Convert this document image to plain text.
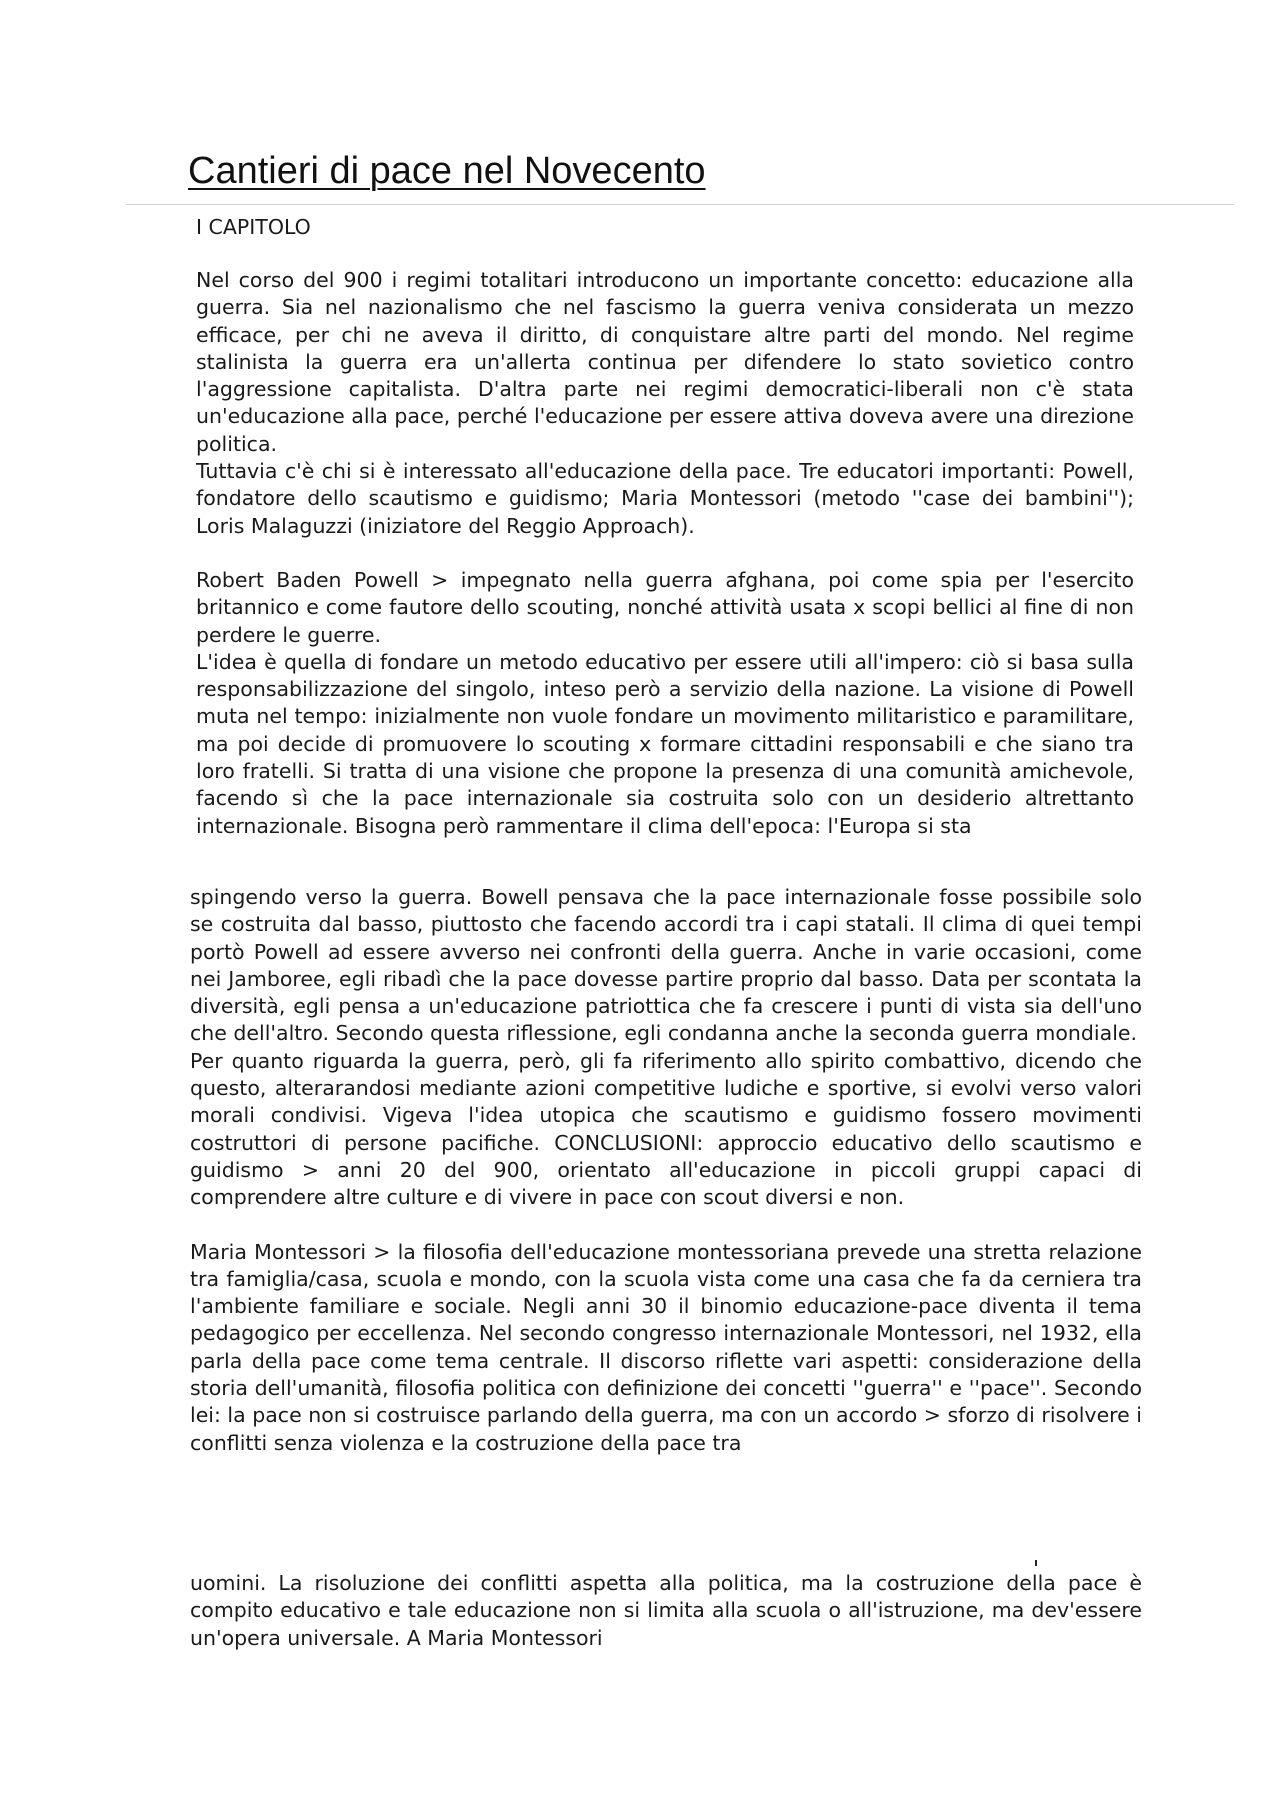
Cantieri di pace nel Novecento
I CAPITOLO

Nel corso del 900 i regimi totalitari introducono un importante concetto: educazione alla guerra. Sia nel nazionalismo che nel fascismo la guerra veniva considerata un mezzo efficace, per chi ne aveva il diritto, di conquistare altre parti del mondo. Nel regime stalinista la guerra era un'allerta continua per difendere lo stato sovietico contro l'aggressione capitalista. D'altra parte nei regimi democratici-liberali non c'è stata un'educazione alla pace, perché l'educazione per essere attiva doveva avere una direzione politica.

Tuttavia c'è chi si è interessato all'educazione della pace. Tre educatori importanti: Powell, fondatore dello scautismo e guidismo; Maria Montessori (metodo ''case dei bambini''); Loris Malaguzzi (iniziatore del Reggio Approach).

Robert Baden Powell > impegnato nella guerra afghana, poi come spia per l'esercito britannico e come fautore dello scouting, nonché attività usata x scopi bellici al fine di non perdere le guerre.

L'idea è quella di fondare un metodo educativo per essere utili all'impero: ciò si basa sulla responsabilizzazione del singolo, inteso però a servizio della nazione. La visione di Powell muta nel tempo: inizialmente non vuole fondare un movimento militaristico e paramilitare, ma poi decide di promuovere lo scouting x formare cittadini responsabili e che siano tra loro fratelli. Si tratta di una visione che propone la presenza di una comunità amichevole, facendo sì che la pace internazionale sia costruita solo con un desiderio altrettanto internazionale. Bisogna però rammentare il clima dell'epoca: l'Europa si sta

spingendo verso la guerra. Bowell pensava che la pace internazionale fosse possibile solo se costruita dal basso, piuttosto che facendo accordi tra i capi statali. Il clima di quei tempi portò Powell ad essere avverso nei confronti della guerra. Anche in varie occasioni, come nei Jamboree, egli ribadì che la pace dovesse partire proprio dal basso. Data per scontata la diversità, egli pensa a un'educazione patriottica che fa crescere i punti di vista sia dell'uno che dell'altro. Secondo questa riflessione, egli condanna anche la seconda guerra mondiale.

Per quanto riguarda la guerra, però, gli fa riferimento allo spirito combattivo, dicendo che questo, alterarandosi mediante azioni competitive ludiche e sportive, si evolvi verso valori morali condivisi. Vigeva l'idea utopica che scautismo e guidismo fossero movimenti costruttori di persone pacifiche. CONCLUSIONI: approccio educativo dello scautismo e guidismo > anni 20 del 900, orientato all'educazione in piccoli gruppi capaci di comprendere altre culture e di vivere in pace con scout diversi e non.

Maria Montessori > la filosofia dell'educazione montessoriana prevede una stretta relazione tra famiglia/casa, scuola e mondo, con la scuola vista come una casa che fa da cerniera tra l'ambiente familiare e sociale. Negli anni 30 il binomio educazione-pace diventa il tema pedagogico per eccellenza. Nel secondo congresso internazionale Montessori, nel 1932, ella parla della pace come tema centrale. Il discorso riflette vari aspetti: considerazione della storia dell'umanità, filosofia politica con definizione dei concetti ''guerra'' e ''pace''. Secondo lei: la pace non si costruisce parlando della guerra, ma con un accordo > sforzo di risolvere i conflitti senza violenza e la costruzione della pace tra

uomini. La risoluzione dei conflitti aspetta alla politica, ma la costruzione della pace è compito educativo e tale educazione non si limita alla scuola o all'istruzione, ma dev'essere un'opera universale. A Maria Montessori
